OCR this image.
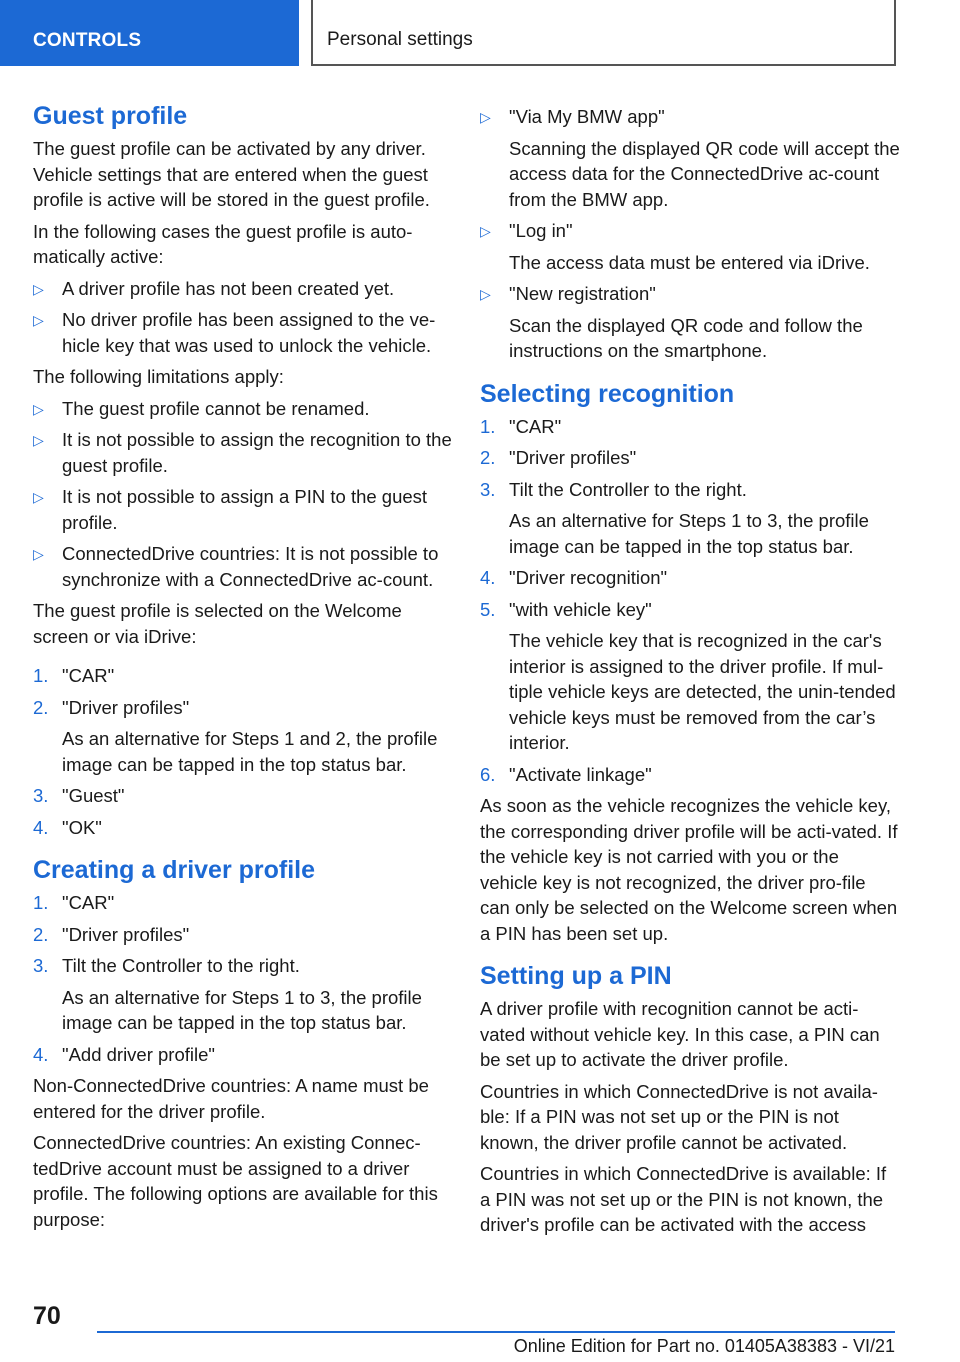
CONTROLS	Personal settings
Guest profile

The guest profile can be activated by any driver. Vehicle settings that are entered when the guest profile is active will be stored in the guest profile.

In the following cases the guest profile is auto‐matically active:

▷ A driver profile has not been created yet.
▷ No driver profile has been assigned to the ve‐hicle key that was used to unlock the vehicle.

The following limitations apply:

▷ The guest profile cannot be renamed.
▷ It is not possible to assign the recognition to the guest profile.
▷ It is not possible to assign a PIN to the guest profile.
▷ ConnectedDrive countries: It is not possible to synchronize with a ConnectedDrive ac‐count.

The guest profile is selected on the Welcome screen or via iDrive:

1. "CAR"
2. "Driver profiles"
As an alternative for Steps 1 and 2, the profile image can be tapped in the top status bar.
3. "Guest"
4. "OK"
Creating a driver profile
1. "CAR"
2. "Driver profiles"
3. Tilt the Controller to the right.
As an alternative for Steps 1 to 3, the profile image can be tapped in the top status bar.
4. "Add driver profile"

Non-ConnectedDrive countries: A name must be entered for the driver profile.

ConnectedDrive countries: An existing Connec‐tedDrive account must be assigned to a driver profile. The following options are available for this purpose:

▷ "Via My BMW app"
Scanning the displayed QR code will accept the access data for the ConnectedDrive ac‐count from the BMW app.
▷ "Log in"
The access data must be entered via iDrive.
▷ "New registration"
Scan the displayed QR code and follow the instructions on the smartphone.
Selecting recognition
1. "CAR"
2. "Driver profiles"
3. Tilt the Controller to the right.
As an alternative for Steps 1 to 3, the profile image can be tapped in the top status bar.
4. "Driver recognition"
5. "with vehicle key"
The vehicle key that is recognized in the car's interior is assigned to the driver profile. If mul‐tiple vehicle keys are detected, the unin‐tended vehicle keys must be removed from the car’s interior.
6. "Activate linkage"

As soon as the vehicle recognizes the vehicle key, the corresponding driver profile will be acti‐vated. If the vehicle key is not carried with you or the vehicle key is not recognized, the driver pro‐file can only be selected on the Welcome screen when a PIN has been set up.

Setting up a PIN

A driver profile with recognition cannot be acti‐vated without vehicle key. In this case, a PIN can be set up to activate the driver profile.

Countries in which ConnectedDrive is not availa‐ble: If a PIN was not set up or the PIN is not known, the driver profile cannot be activated.

Countries in which ConnectedDrive is available: If a PIN was not set up or the PIN is not known, the driver's profile can be activated with the access

70
Online Edition for Part no. 01405A38383 - VI/21
